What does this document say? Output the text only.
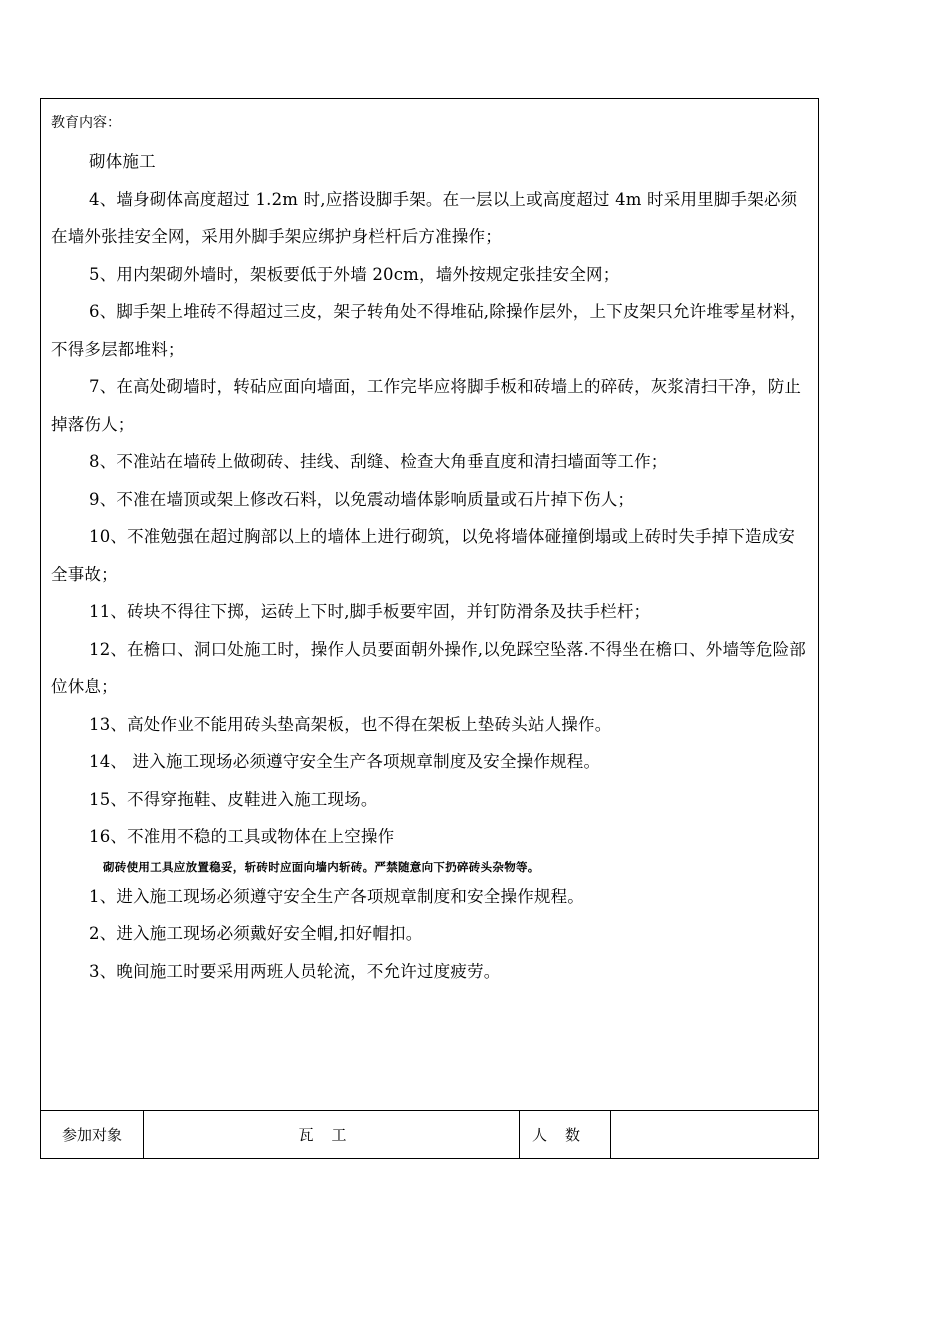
教育内容：

砌体施工

4、墙身砌体高度超过 1.2m 时,应搭设脚手架。在一层以上或高度超过 4m 时采用里脚手架必须在墙外张挂安全网，采用外脚手架应绑护身栏杆后方准操作；

5、用内架砌外墙时，架板要低于外墙 20cm，墙外按规定张挂安全网；

6、脚手架上堆砖不得超过三皮，架子转角处不得堆砧,除操作层外，上下皮架只允许堆零星材料，不得多层都堆料；

7、在高处砌墙时，转砧应面向墙面，工作完毕应将脚手板和砖墙上的碎砖，灰浆清扫干净，防止掉落伤人；

8、不准站在墙砖上做砌砖、挂线、刮缝、检查大角垂直度和清扫墙面等工作；

9、不准在墙顶或架上修改石料，以免震动墙体影响质量或石片掉下伤人；

10、不准勉强在超过胸部以上的墙体上进行砌筑，以免将墙体碰撞倒塌或上砖时失手掉下造成安全事故；

11、砖块不得往下掷，运砖上下时,脚手板要牢固，并钉防滑条及扶手栏杆；

12、在檐口、洞口处施工时，操作人员要面朝外操作,以免踩空坠落.不得坐在檐口、外墙等危险部位休息；

13、高处作业不能用砖头垫高架板，也不得在架板上垫砖头站人操作。

14、 进入施工现场必须遵守安全生产各项规章制度及安全操作规程。

15、不得穿拖鞋、皮鞋进入施工现场。

16、不准用不稳的工具或物体在上空操作

砌砖使用工具应放置稳妥，斩砖时应面向墙内斩砖。严禁随意向下扔碎砖头杂物等。

1、进入施工现场必须遵守安全生产各项规章制度和安全操作规程。

2、进入施工现场必须戴好安全帽,扣好帽扣。

3、晚间施工时要采用两班人员轮流，不允许过度疲劳。

参加对象	瓦工	人数
